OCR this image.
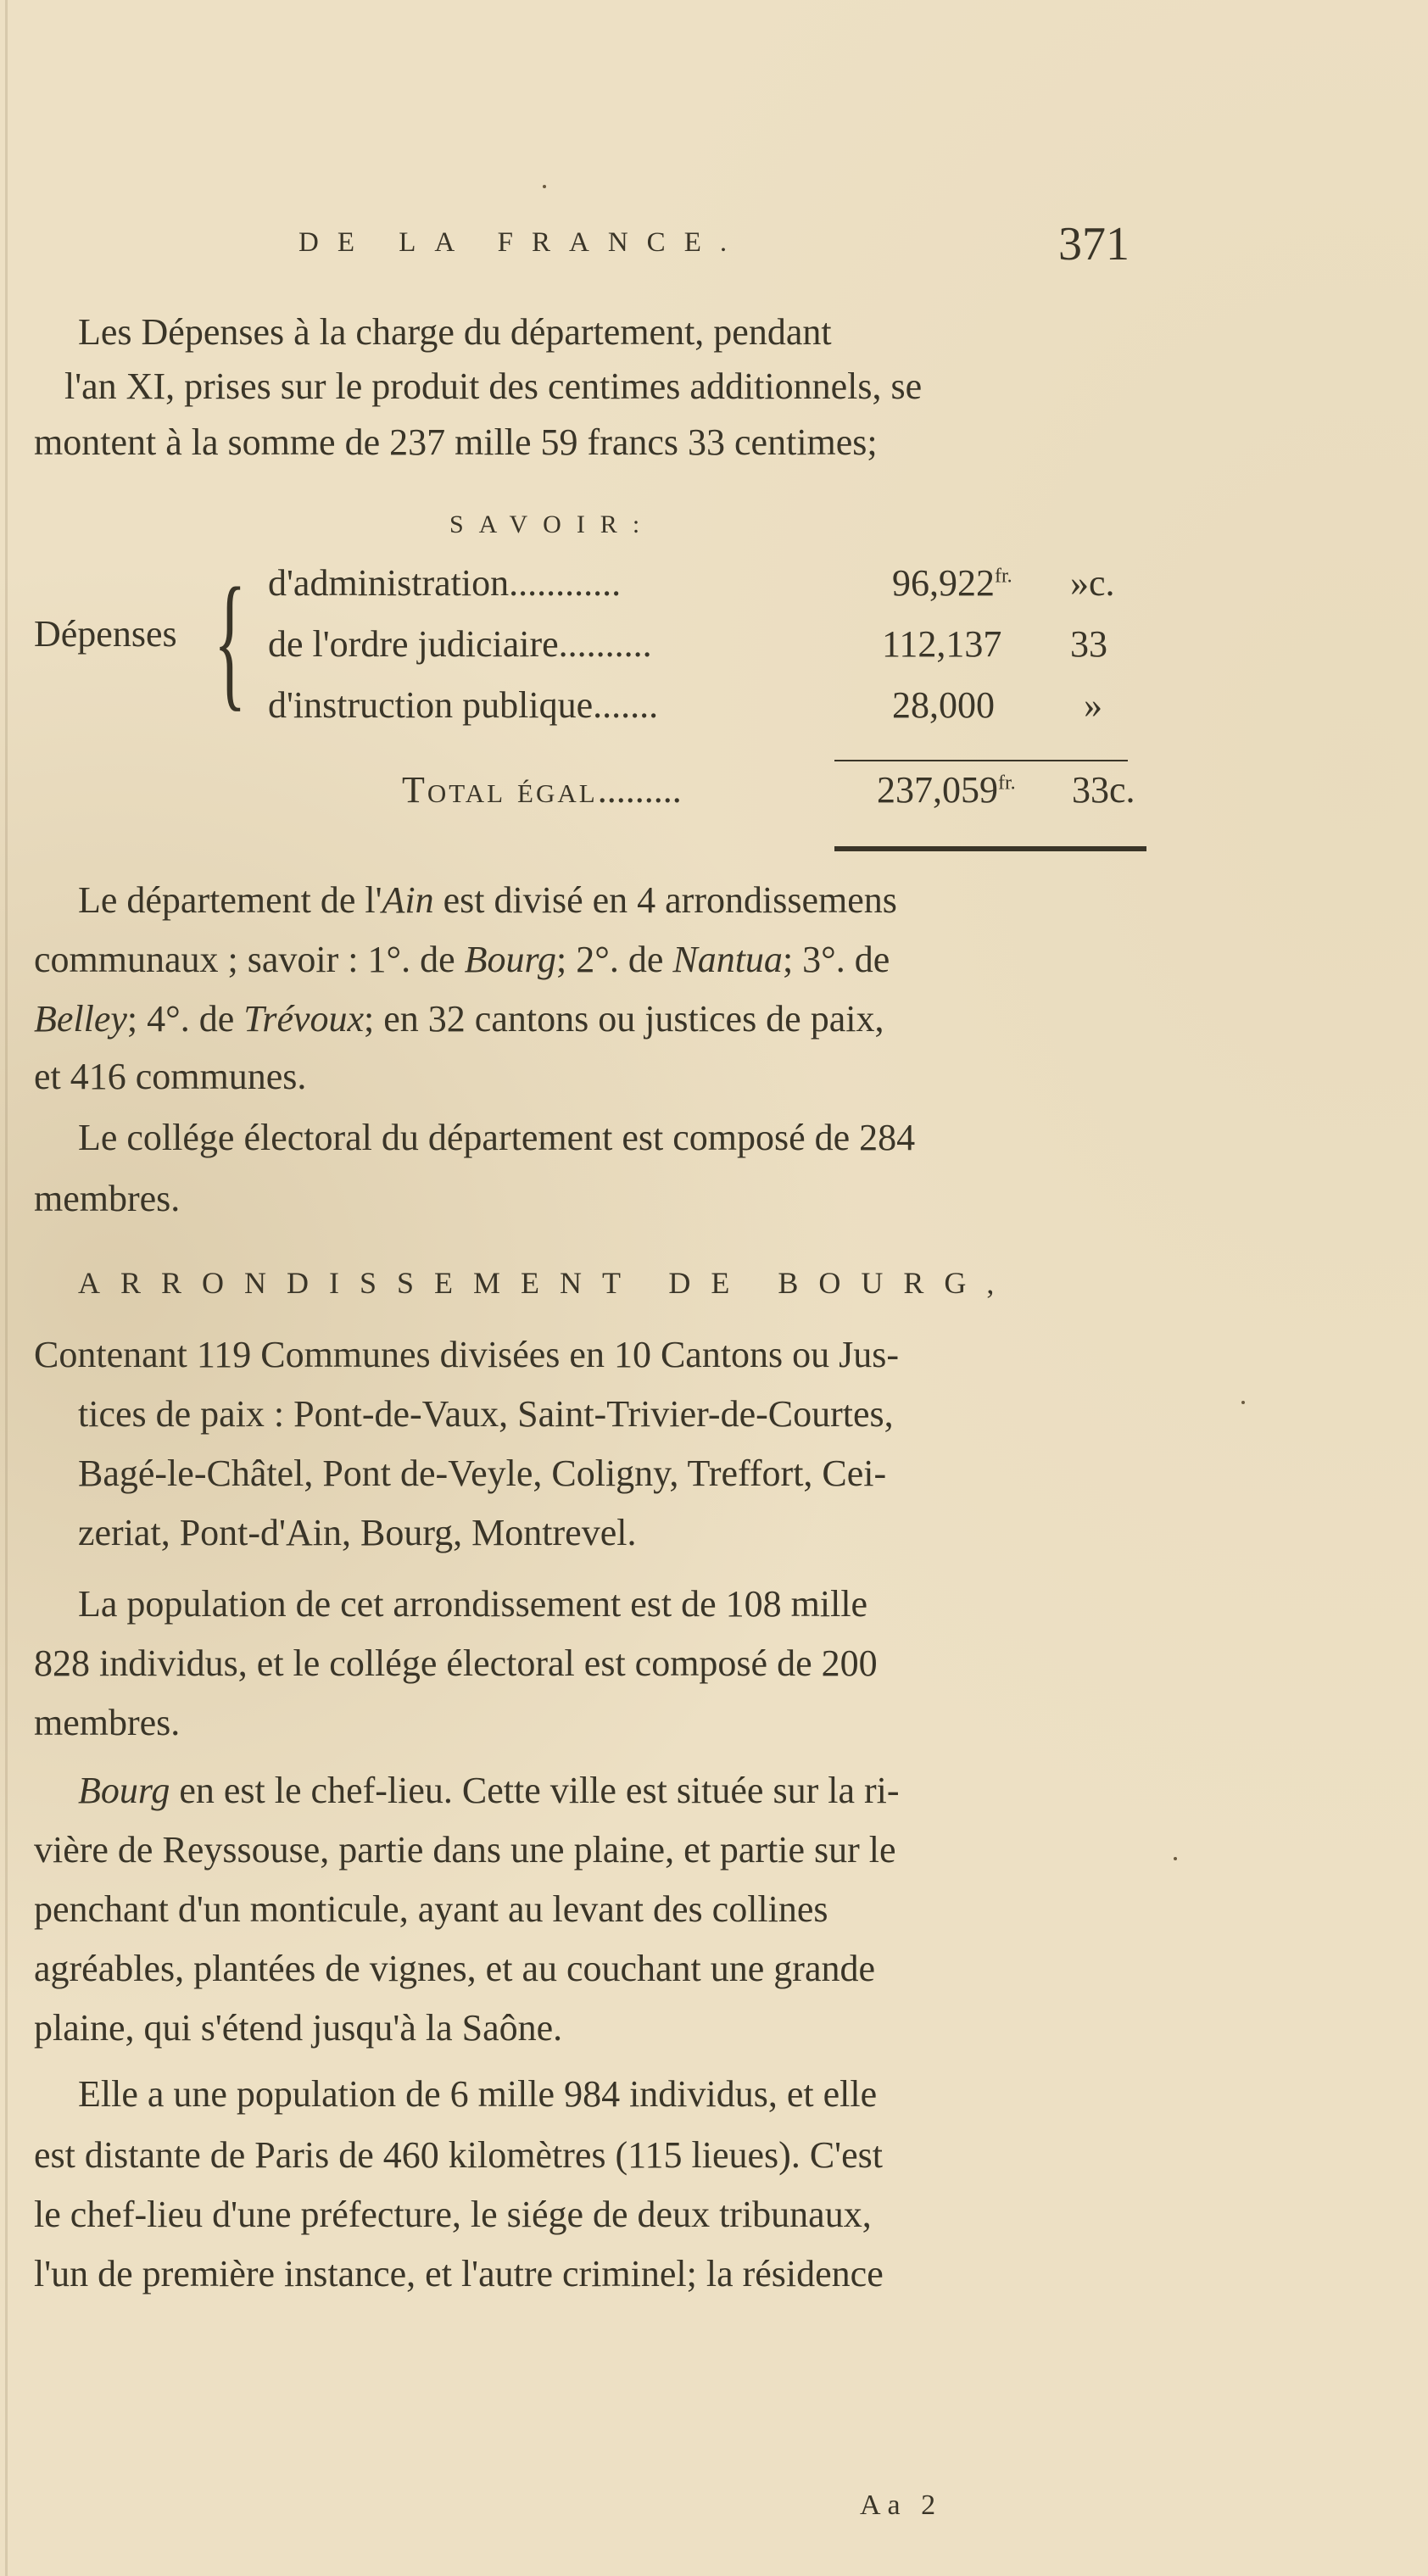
DE LA FRANCE.	371
Les Dépenses à la charge du département, pendant
l'an XI, prises sur le produit des centimes additionnels, se
montent à la somme de 237 mille 59 francs 33 centimes;
SAVOIR:
Dépenses { d'administration............	$96,922^{fr.}$ »c.
de l'ordre judiciaire..........	112,137 33
d'instruction publique.......	28,000 »
Total égal.........	$237,059^{fr.}$ 33c.
Le département de l'Ain est divisé en 4 arrondissemens
communaux ; savoir : 1°. de Bourg; 2°. de Nantua; 3°. de
Belley; 4°. de Trévoux; en 32 cantons ou justices de paix,
et 416 communes.
Le collége électoral du département est composé de 284
membres.
ARRONDISSEMENT DE BOURG,
Contenant 119 Communes divisées en 10 Cantons ou Jus-
tices de paix : Pont-de-Vaux, Saint-Trivier-de-Courtes,
Bagé-le-Châtel, Pont de-Veyle, Coligny, Treffort, Cei-
zeriat, Pont-d'Ain, Bourg, Montrevel.
La population de cet arrondissement est de 108 mille
828 individus, et le collége électoral est composé de 200
membres.
Bourg en est le chef-lieu. Cette ville est située sur la ri-
vière de Reyssouse, partie dans une plaine, et partie sur le
penchant d'un monticule, ayant au levant des collines
agréables, plantées de vignes, et au couchant une grande
plaine, qui s'étend jusqu'à la Saône.
Elle a une population de 6 mille 984 individus, et elle
est distante de Paris de 460 kilomètres (115 lieues). C'est
le chef-lieu d'une préfecture, le siége de deux tribunaux,
l'un de première instance, et l'autre criminel; la résidence
Aa 2
